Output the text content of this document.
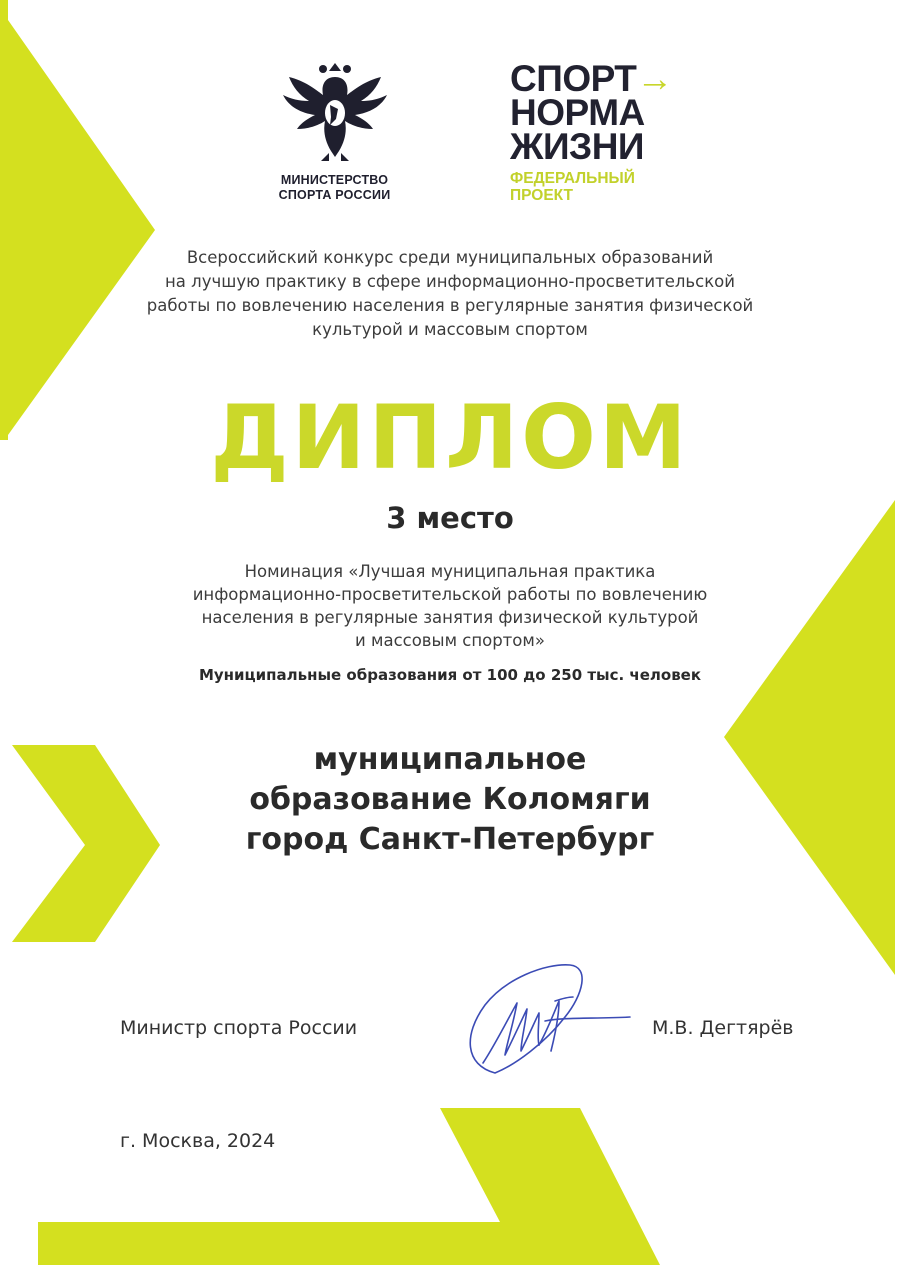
МИНИСТЕРСТВО
СПОРТА РОССИИ
СПОРТ→
НОРМА
ЖИЗНИ
ФЕДЕРАЛЬНЫЙ
ПРОЕКТ
Всероссийский конкурс среди муниципальных образований
на лучшую практику в сфере информационно-просветительской
работы по вовлечению населения в регулярные занятия физической
культурой и массовым спортом
ДИПЛОМ
3 место
Номинация «Лучшая муниципальная практика
информационно-просветительской работы по вовлечению
населения в регулярные занятия физической культурой
и массовым спортом»
Муниципальные образования от 100 до 250 тыс. человек
муниципальное
образование Коломяги
город Санкт-Петербург
Министр спорта России	М.В. Дегтярёв
г. Москва, 2024
